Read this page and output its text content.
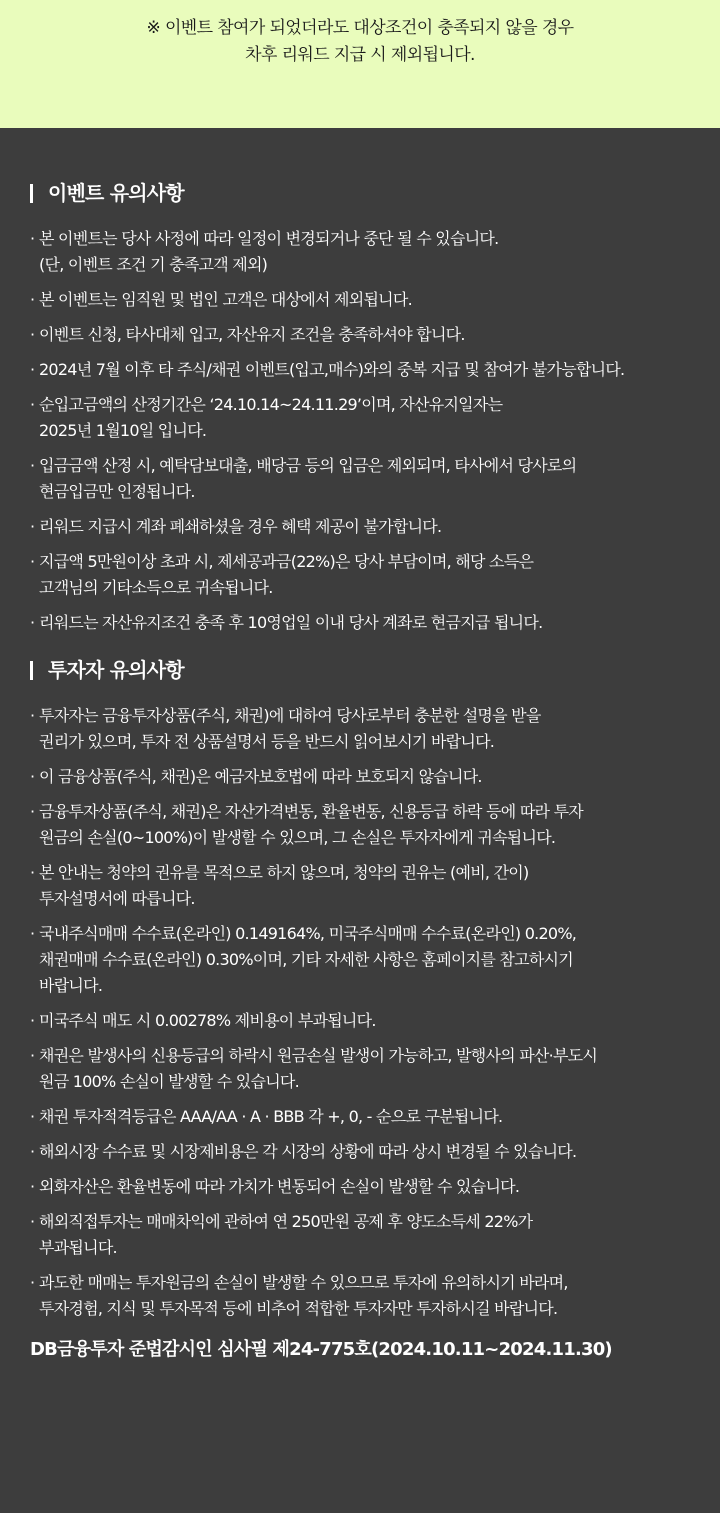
※ 이벤트 참여가 되었더라도 대상조건이 충족되지 않을 경우
차후 리워드 지급 시 제외됩니다.
이벤트 유의사항
· 본 이벤트는 당사 사정에 따라 일정이 변경되거나 중단 될 수 있습니다.
(단, 이벤트 조건 기 충족고객 제외)
· 본 이벤트는 임직원 및 법인 고객은 대상에서 제외됩니다.
· 이벤트 신청, 타사대체 입고, 자산유지 조건을 충족하셔야 합니다.
· 2024년 7월 이후 타 주식/채권 이벤트(입고,매수)와의 중복 지급 및 참여가 불가능합니다.
· 순입고금액의 산정기간은 ‘24.10.14~24.11.29’이며, 자산유지일자는
2025년 1월10일 입니다.
· 입금금액 산정 시, 예탁담보대출, 배당금 등의 입금은 제외되며, 타사에서 당사로의
현금입금만 인정됩니다.
· 리워드 지급시 계좌 폐쇄하셨을 경우 혜택 제공이 불가합니다.
· 지급액 5만원이상 초과 시, 제세공과금(22%)은 당사 부담이며, 해당 소득은
고객님의 기타소득으로 귀속됩니다.
· 리워드는 자산유지조건 충족 후 10영업일 이내 당사 계좌로 현금지급 됩니다.
투자자 유의사항
· 투자자는 금융투자상품(주식, 채권)에 대하여 당사로부터 충분한 설명을 받을
권리가 있으며, 투자 전 상품설명서 등을 반드시 읽어보시기 바랍니다.
· 이 금융상품(주식, 채권)은 예금자보호법에 따라 보호되지 않습니다.
· 금융투자상품(주식, 채권)은 자산가격변동, 환율변동, 신용등급 하락 등에 따라 투자
원금의 손실(0~100%)이 발생할 수 있으며, 그 손실은 투자자에게 귀속됩니다.
· 본 안내는 청약의 권유를 목적으로 하지 않으며, 청약의 권유는 (예비, 간이)
투자설명서에 따릅니다.
· 국내주식매매 수수료(온라인) 0.149164%, 미국주식매매 수수료(온라인) 0.20%,
채권매매 수수료(온라인) 0.30%이며, 기타 자세한 사항은 홈페이지를 참고하시기
바랍니다.
· 미국주식 매도 시 0.00278% 제비용이 부과됩니다.
· 채권은 발생사의 신용등급의 하락시 원금손실 발생이 가능하고, 발행사의 파산·부도시
원금 100% 손실이 발생할 수 있습니다.
· 채권 투자적격등급은 AAA/AA · A · BBB 각 +, 0, - 순으로 구분됩니다.
· 해외시장 수수료 및 시장제비용은 각 시장의 상황에 따라 상시 변경될 수 있습니다.
· 외화자산은 환율변동에 따라 가치가 변동되어 손실이 발생할 수 있습니다.
· 해외직접투자는 매매차익에 관하여 연 250만원 공제 후 양도소득세 22%가
부과됩니다.
· 과도한 매매는 투자원금의 손실이 발생할 수 있으므로 투자에 유의하시기 바라며,
투자경험, 지식 및 투자목적 등에 비추어 적합한 투자자만 투자하시길 바랍니다.
DB금융투자 준법감시인 심사필 제24-775호(2024.10.11~2024.11.30)
